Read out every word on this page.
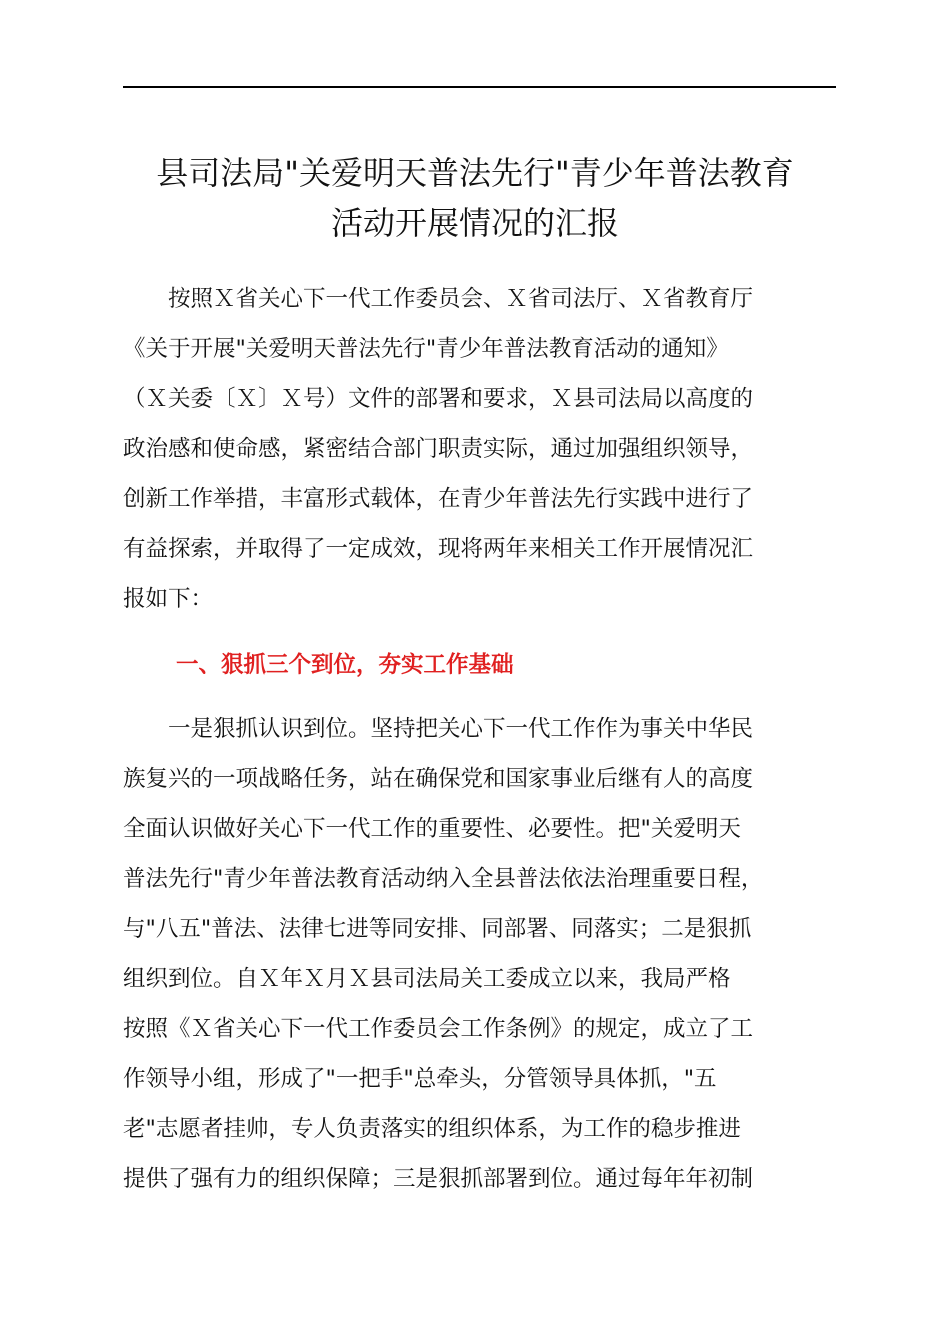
县司法局"关爱明天普法先行"青少年普法教育
活动开展情况的汇报
　　按照Ｘ省关心下一代工作委员会、Ｘ省司法厅、Ｘ省教育厅
《关于开展"关爱明天普法先行"青少年普法教育活动的通知》
（Ｘ关委〔Ｘ〕Ｘ号）文件的部署和要求，Ｘ县司法局以高度的
政治感和使命感，紧密结合部门职责实际，通过加强组织领导，
创新工作举措，丰富形式载体，在青少年普法先行实践中进行了
有益探索，并取得了一定成效，现将两年来相关工作开展情况汇
报如下：
一、狠抓三个到位，夯实工作基础
　　一是狠抓认识到位。坚持把关心下一代工作作为事关中华民
族复兴的一项战略任务，站在确保党和国家事业后继有人的高度
全面认识做好关心下一代工作的重要性、必要性。把"关爱明天
普法先行"青少年普法教育活动纳入全县普法依法治理重要日程，
与"八五"普法、法律七进等同安排、同部署、同落实；二是狠抓
组织到位。自Ｘ年Ｘ月Ｘ县司法局关工委成立以来，我局严格
按照《Ｘ省关心下一代工作委员会工作条例》的规定，成立了工
作领导小组，形成了"一把手"总牵头，分管领导具体抓，"五
老"志愿者挂帅，专人负责落实的组织体系，为工作的稳步推进
提供了强有力的组织保障；三是狠抓部署到位。通过每年年初制
